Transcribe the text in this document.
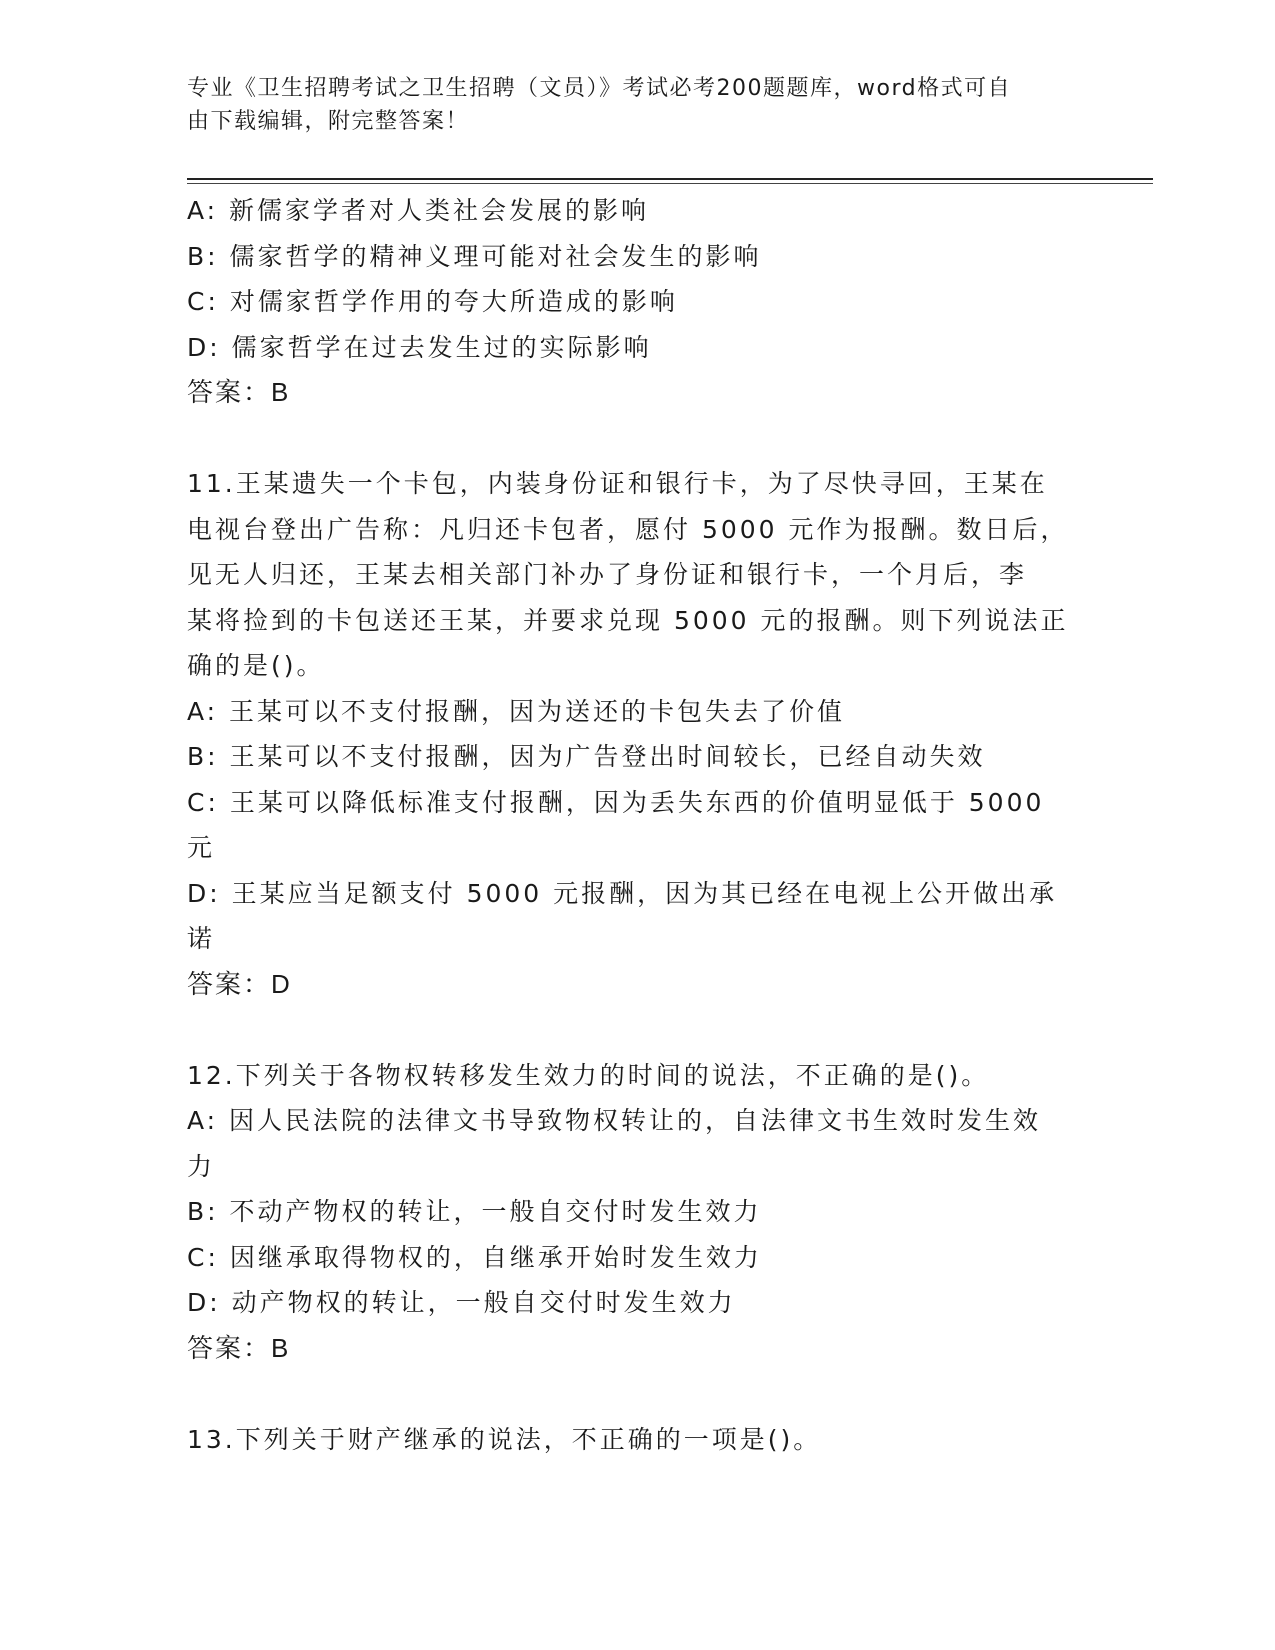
专业《卫生招聘考试之卫生招聘（文员）》考试必考200题题库，word格式可自
由下载编辑，附完整答案！
A: 新儒家学者对人类社会发展的影响
B: 儒家哲学的精神义理可能对社会发生的影响
C: 对儒家哲学作用的夸大所造成的影响
D: 儒家哲学在过去发生过的实际影响
答案：B
11.王某遗失一个卡包，内装身份证和银行卡，为了尽快寻回，王某在
电视台登出广告称：凡归还卡包者，愿付 5000 元作为报酬。数日后，
见无人归还，王某去相关部门补办了身份证和银行卡，一个月后，李
某将捡到的卡包送还王某，并要求兑现 5000 元的报酬。则下列说法正
确的是()。
A: 王某可以不支付报酬，因为送还的卡包失去了价值
B: 王某可以不支付报酬，因为广告登出时间较长，已经自动失效
C: 王某可以降低标准支付报酬，因为丢失东西的价值明显低于 5000
元
D: 王某应当足额支付 5000 元报酬，因为其已经在电视上公开做出承
诺
答案：D
12.下列关于各物权转移发生效力的时间的说法，不正确的是()。
A: 因人民法院的法律文书导致物权转让的，自法律文书生效时发生效
力
B: 不动产物权的转让，一般自交付时发生效力
C: 因继承取得物权的，自继承开始时发生效力
D: 动产物权的转让，一般自交付时发生效力
答案：B
13.下列关于财产继承的说法，不正确的一项是()。
